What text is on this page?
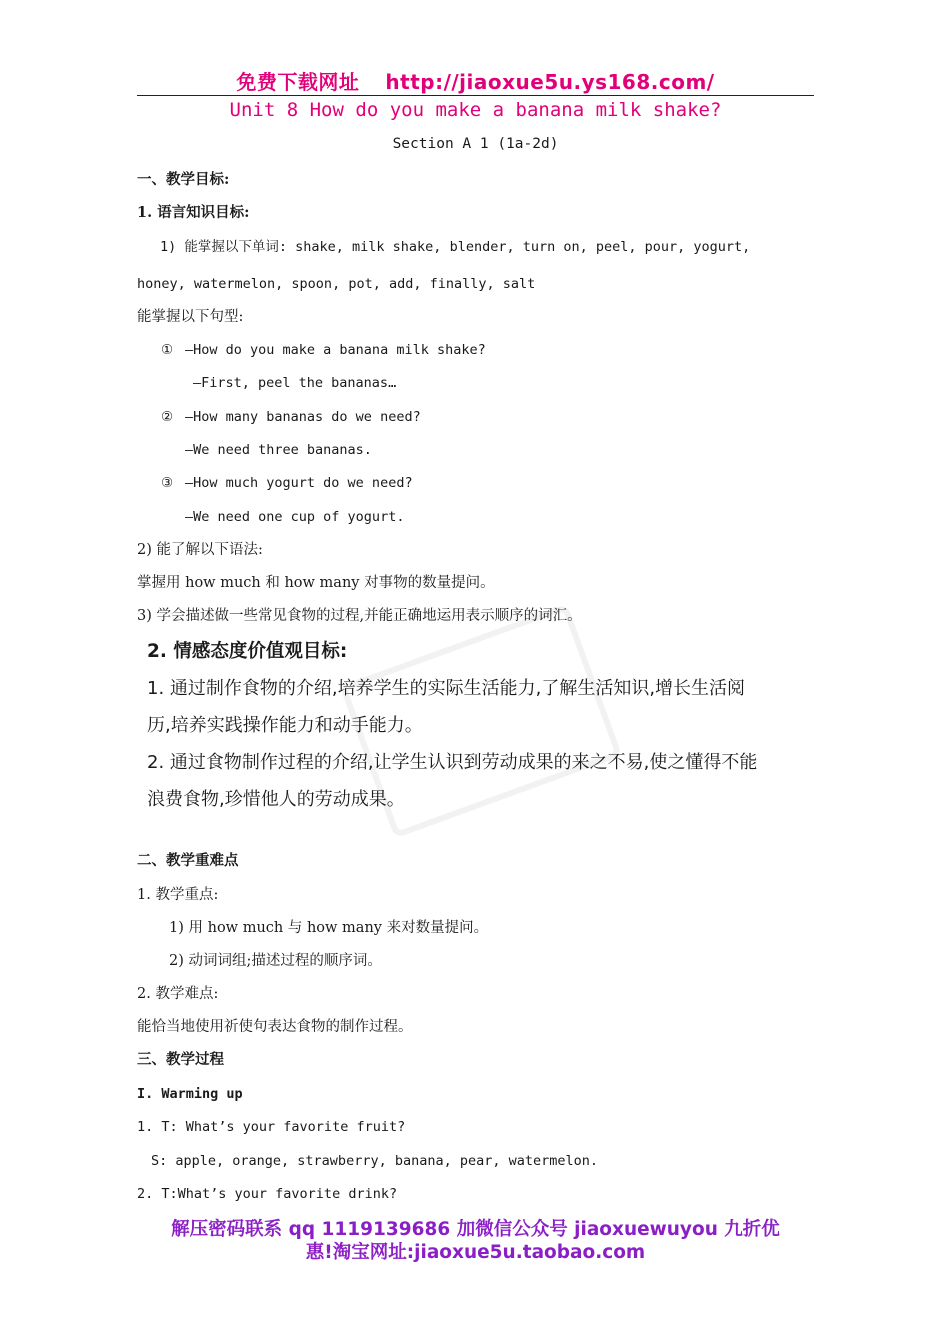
免费下载网址 http://jiaoxue5u.ys168.com/
Unit 8 How do you make a banana milk shake?
Section A 1 (1a-2d)
一、教学目标:
1. 语言知识目标:
1) 能掌握以下单词: shake, milk shake, blender, turn on, peel, pour, yogurt,
honey, watermelon, spoon, pot, add, finally, salt
能掌握以下句型:
① —How do you make a banana milk shake?
—First, peel the bananas…
② —How many bananas do we need?
—We need three bananas.
③ —How much yogurt do we need?
—We need one cup of yogurt.
2) 能了解以下语法:
掌握用 how much 和 how many 对事物的数量提问。
3) 学会描述做一些常见食物的过程,并能正确地运用表示顺序的词汇。
2. 情感态度价值观目标:
1. 通过制作食物的介绍,培养学生的实际生活能力,了解生活知识,增长生活阅
历,培养实践操作能力和动手能力。
2. 通过食物制作过程的介绍,让学生认识到劳动成果的来之不易,使之懂得不能
浪费食物,珍惜他人的劳动成果。
二、教学重难点
1. 教学重点:
1) 用 how much 与 how many 来对数量提问。
2) 动词词组;描述过程的顺序词。
2. 教学难点:
能恰当地使用祈使句表达食物的制作过程。
三、教学过程
I. Warming up
1. T: What’s your favorite fruit?
S: apple, orange, strawberry, banana, pear, watermelon.
2. T:What’s your favorite drink?
解压密码联系 qq 1119139686 加微信公众号 jiaoxuewuyou 九折优
惠!淘宝网址:jiaoxue5u.taobao.com
